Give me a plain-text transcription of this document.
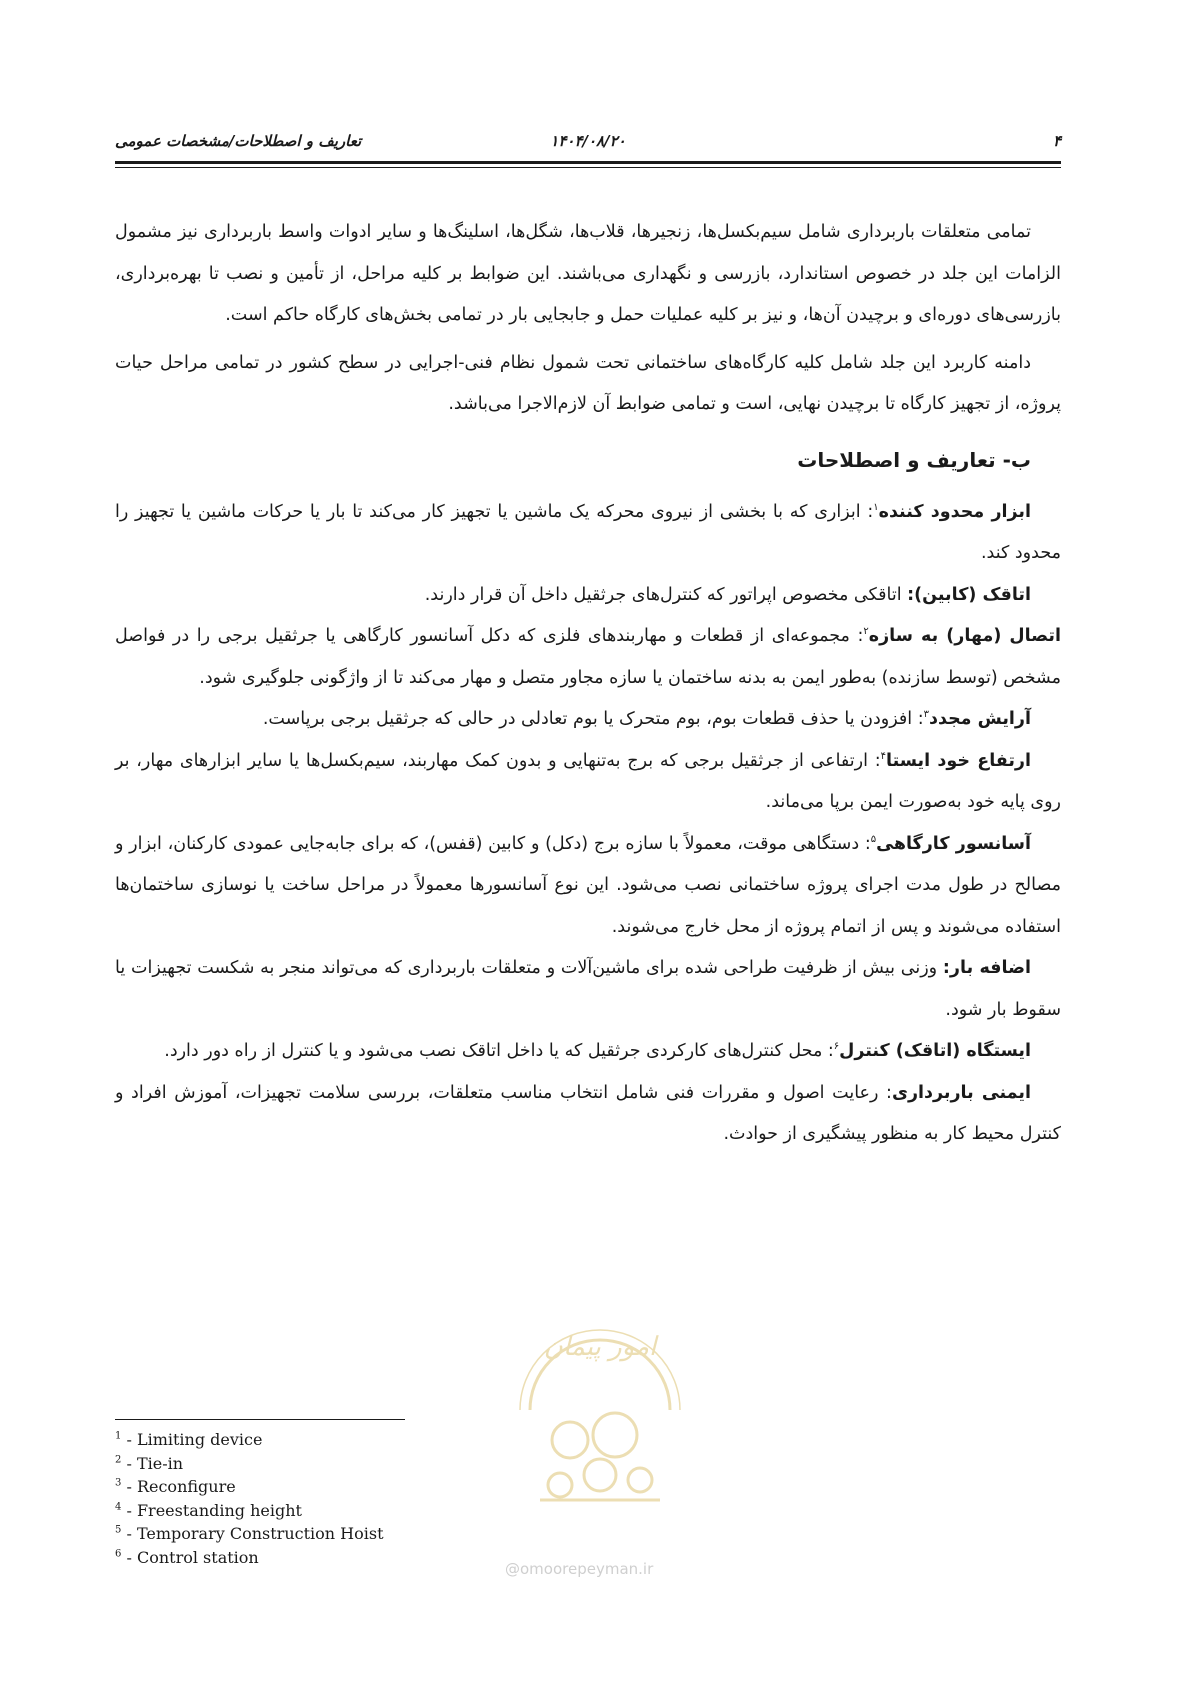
۴
۱۴۰۴/۰۸/۲۰
تعاریف و اصطلاحات/مشخصات عمومی

تمامی متعلقات باربرداری شامل سیم‌بکسل‌ها، زنجیرها، قلاب‌ها، شگل‌ها، اسلینگ‌ها و سایر ادوات واسط باربرداری نیز مشمول الزامات این جلد در خصوص استاندارد، بازرسی و نگهداری می‌باشند. این ضوابط بر کلیه مراحل، از تأمین و نصب تا بهره‌برداری، بازرسی‌های دوره‌ای و برچیدن آن‌ها، و نیز بر کلیه عملیات حمل و جابجایی بار در تمامی بخش‌های کارگاه حاکم است.

دامنه کاربرد این جلد شامل کلیه کارگاه‌های ساختمانی تحت شمول نظام فنی-اجرایی در سطح کشور در تمامی مراحل حیات پروژه، از تجهیز کارگاه تا برچیدن نهایی، است و تمامی ضوابط آن لازم‌الاجرا می‌باشد.

ب- تعاریف و اصطلاحات

ابزار محدود کننده$^۱$: ابزاری که با بخشی از نیروی محرکه یک ماشین یا تجهیز کار می‌کند تا بار یا حرکات ماشین یا تجهیز را محدود کند.

اتاقک (کابین): اتاقکی مخصوص اپراتور که کنترل‌های جرثقیل داخل آن قرار دارند.

اتصال (مهار) به سازه$^۲$: مجموعه‌ای از قطعات و مهاربندهای فلزی که دکل آسانسور کارگاهی یا جرثقیل برجی را در فواصل مشخص (توسط سازنده) به‌طور ایمن به بدنه ساختمان یا سازه مجاور متصل و مهار می‌کند تا از واژگونی جلوگیری شود.

آرایش مجدد$^۳$: افزودن یا حذف قطعات بوم، بوم متحرک یا بوم تعادلی در حالی که جرثقیل برجی برپاست.

ارتفاع خود ایستا$^۴$: ارتفاعی از جرثقیل برجی که برج به‌تنهایی و بدون کمک مهاربند، سیم‌بکسل‌ها یا سایر ابزارهای مهار، بر روی پایه خود به‌صورت ایمن برپا می‌ماند.

آسانسور کارگاهی$^۵$: دستگاهی موقت، معمولاً با سازه برج (دکل) و کابین (قفس)، که برای جابه‌جایی عمودی کارکنان، ابزار و مصالح در طول مدت اجرای پروژه ساختمانی نصب می‌شود. این نوع آسانسورها معمولاً در مراحل ساخت یا نوسازی ساختمان‌ها استفاده می‌شوند و پس از اتمام پروژه از محل خارج می‌شوند.

اضافه بار: وزنی بیش از ظرفیت طراحی شده برای ماشین‌آلات و متعلقات باربرداری که می‌تواند منجر به شکست تجهیزات یا سقوط بار شود.

ایستگاه (اتاقک) کنترل$^۶$: محل کنترل‌های کارکردی جرثقیل که یا داخل اتاقک نصب می‌شود و یا کنترل از راه دور دارد.

ایمنی باربرداری: رعایت اصول و مقررات فنی شامل انتخاب مناسب متعلقات، بررسی سلامت تجهیزات، آموزش افراد و کنترل محیط کار به منظور پیشگیری از حوادث.

$^1$ - Limiting device
$^2$ - Tie-in
$^3$ - Reconfigure
$^4$ - Freestanding height
$^5$ - Temporary Construction Hoist
$^6$ - Control station
امور پیمان
@omoorepeyman.ir
